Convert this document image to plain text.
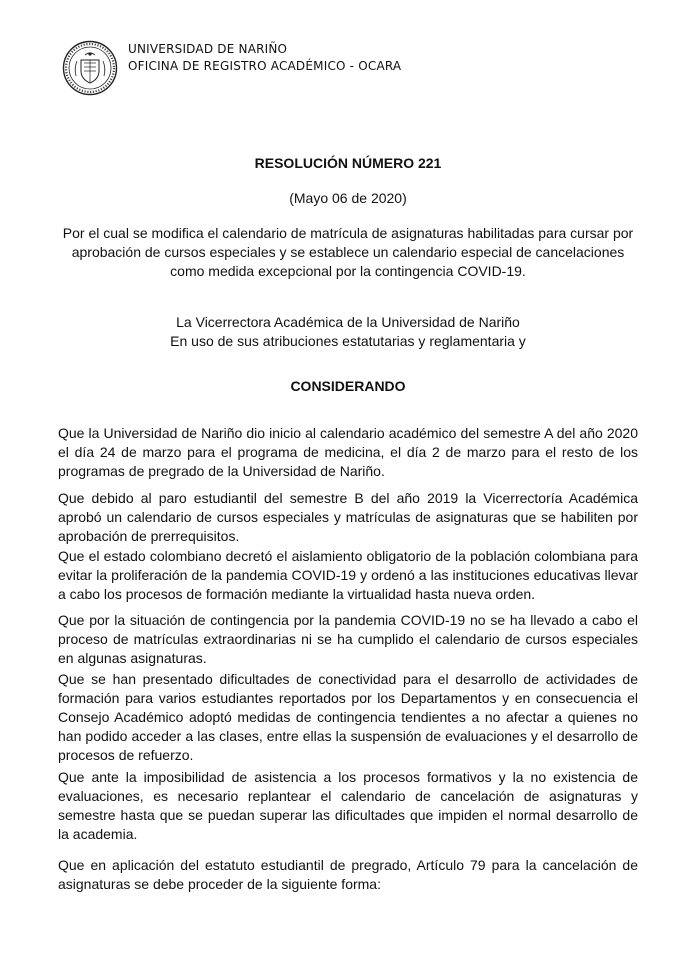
UNIVERSIDAD DE NARIÑO
OFICINA DE REGISTRO ACADÉMICO - OCARA
RESOLUCIÓN NÚMERO 221
(Mayo 06 de 2020)
Por el cual se modifica el calendario de matrícula de asignaturas habilitadas para cursar por aprobación de cursos especiales y se establece un calendario especial de cancelaciones como medida excepcional por la contingencia COVID-19.
La Vicerrectora Académica de la Universidad de Nariño
En uso de sus atribuciones estatutarias y reglamentaria y
CONSIDERANDO
Que la Universidad de Nariño dio inicio al calendario académico del semestre A del año 2020 el día 24 de marzo para el programa de medicina, el día 2 de marzo para el resto de los programas de pregrado de la Universidad de Nariño.
Que debido al paro estudiantil del semestre B del año 2019 la Vicerrectoría Académica aprobó un calendario de cursos especiales y matrículas de asignaturas que se habiliten por aprobación de prerrequisitos.
Que el estado colombiano decretó el aislamiento obligatorio de la población colombiana para evitar la proliferación de la pandemia COVID-19 y ordenó a las instituciones educativas llevar a cabo los procesos de formación mediante la virtualidad hasta nueva orden.
Que por la situación de contingencia por la pandemia COVID-19 no se ha llevado a cabo el proceso de matrículas extraordinarias ni se ha cumplido el calendario de cursos especiales en algunas asignaturas.
Que se han presentado dificultades de conectividad para el desarrollo de actividades de formación para varios estudiantes reportados por los Departamentos y en consecuencia el Consejo Académico adoptó medidas de contingencia tendientes a no afectar a quienes no han podido acceder a las clases, entre ellas la suspensión de evaluaciones y el desarrollo de procesos de refuerzo.
Que ante la imposibilidad de asistencia a los procesos formativos y la no existencia de evaluaciones, es necesario replantear el calendario de cancelación de asignaturas y semestre hasta que se puedan superar las dificultades que impiden el normal desarrollo de la academia.
Que en aplicación del estatuto estudiantil de pregrado, Artículo 79 para la cancelación de asignaturas se debe proceder de la siguiente forma:
